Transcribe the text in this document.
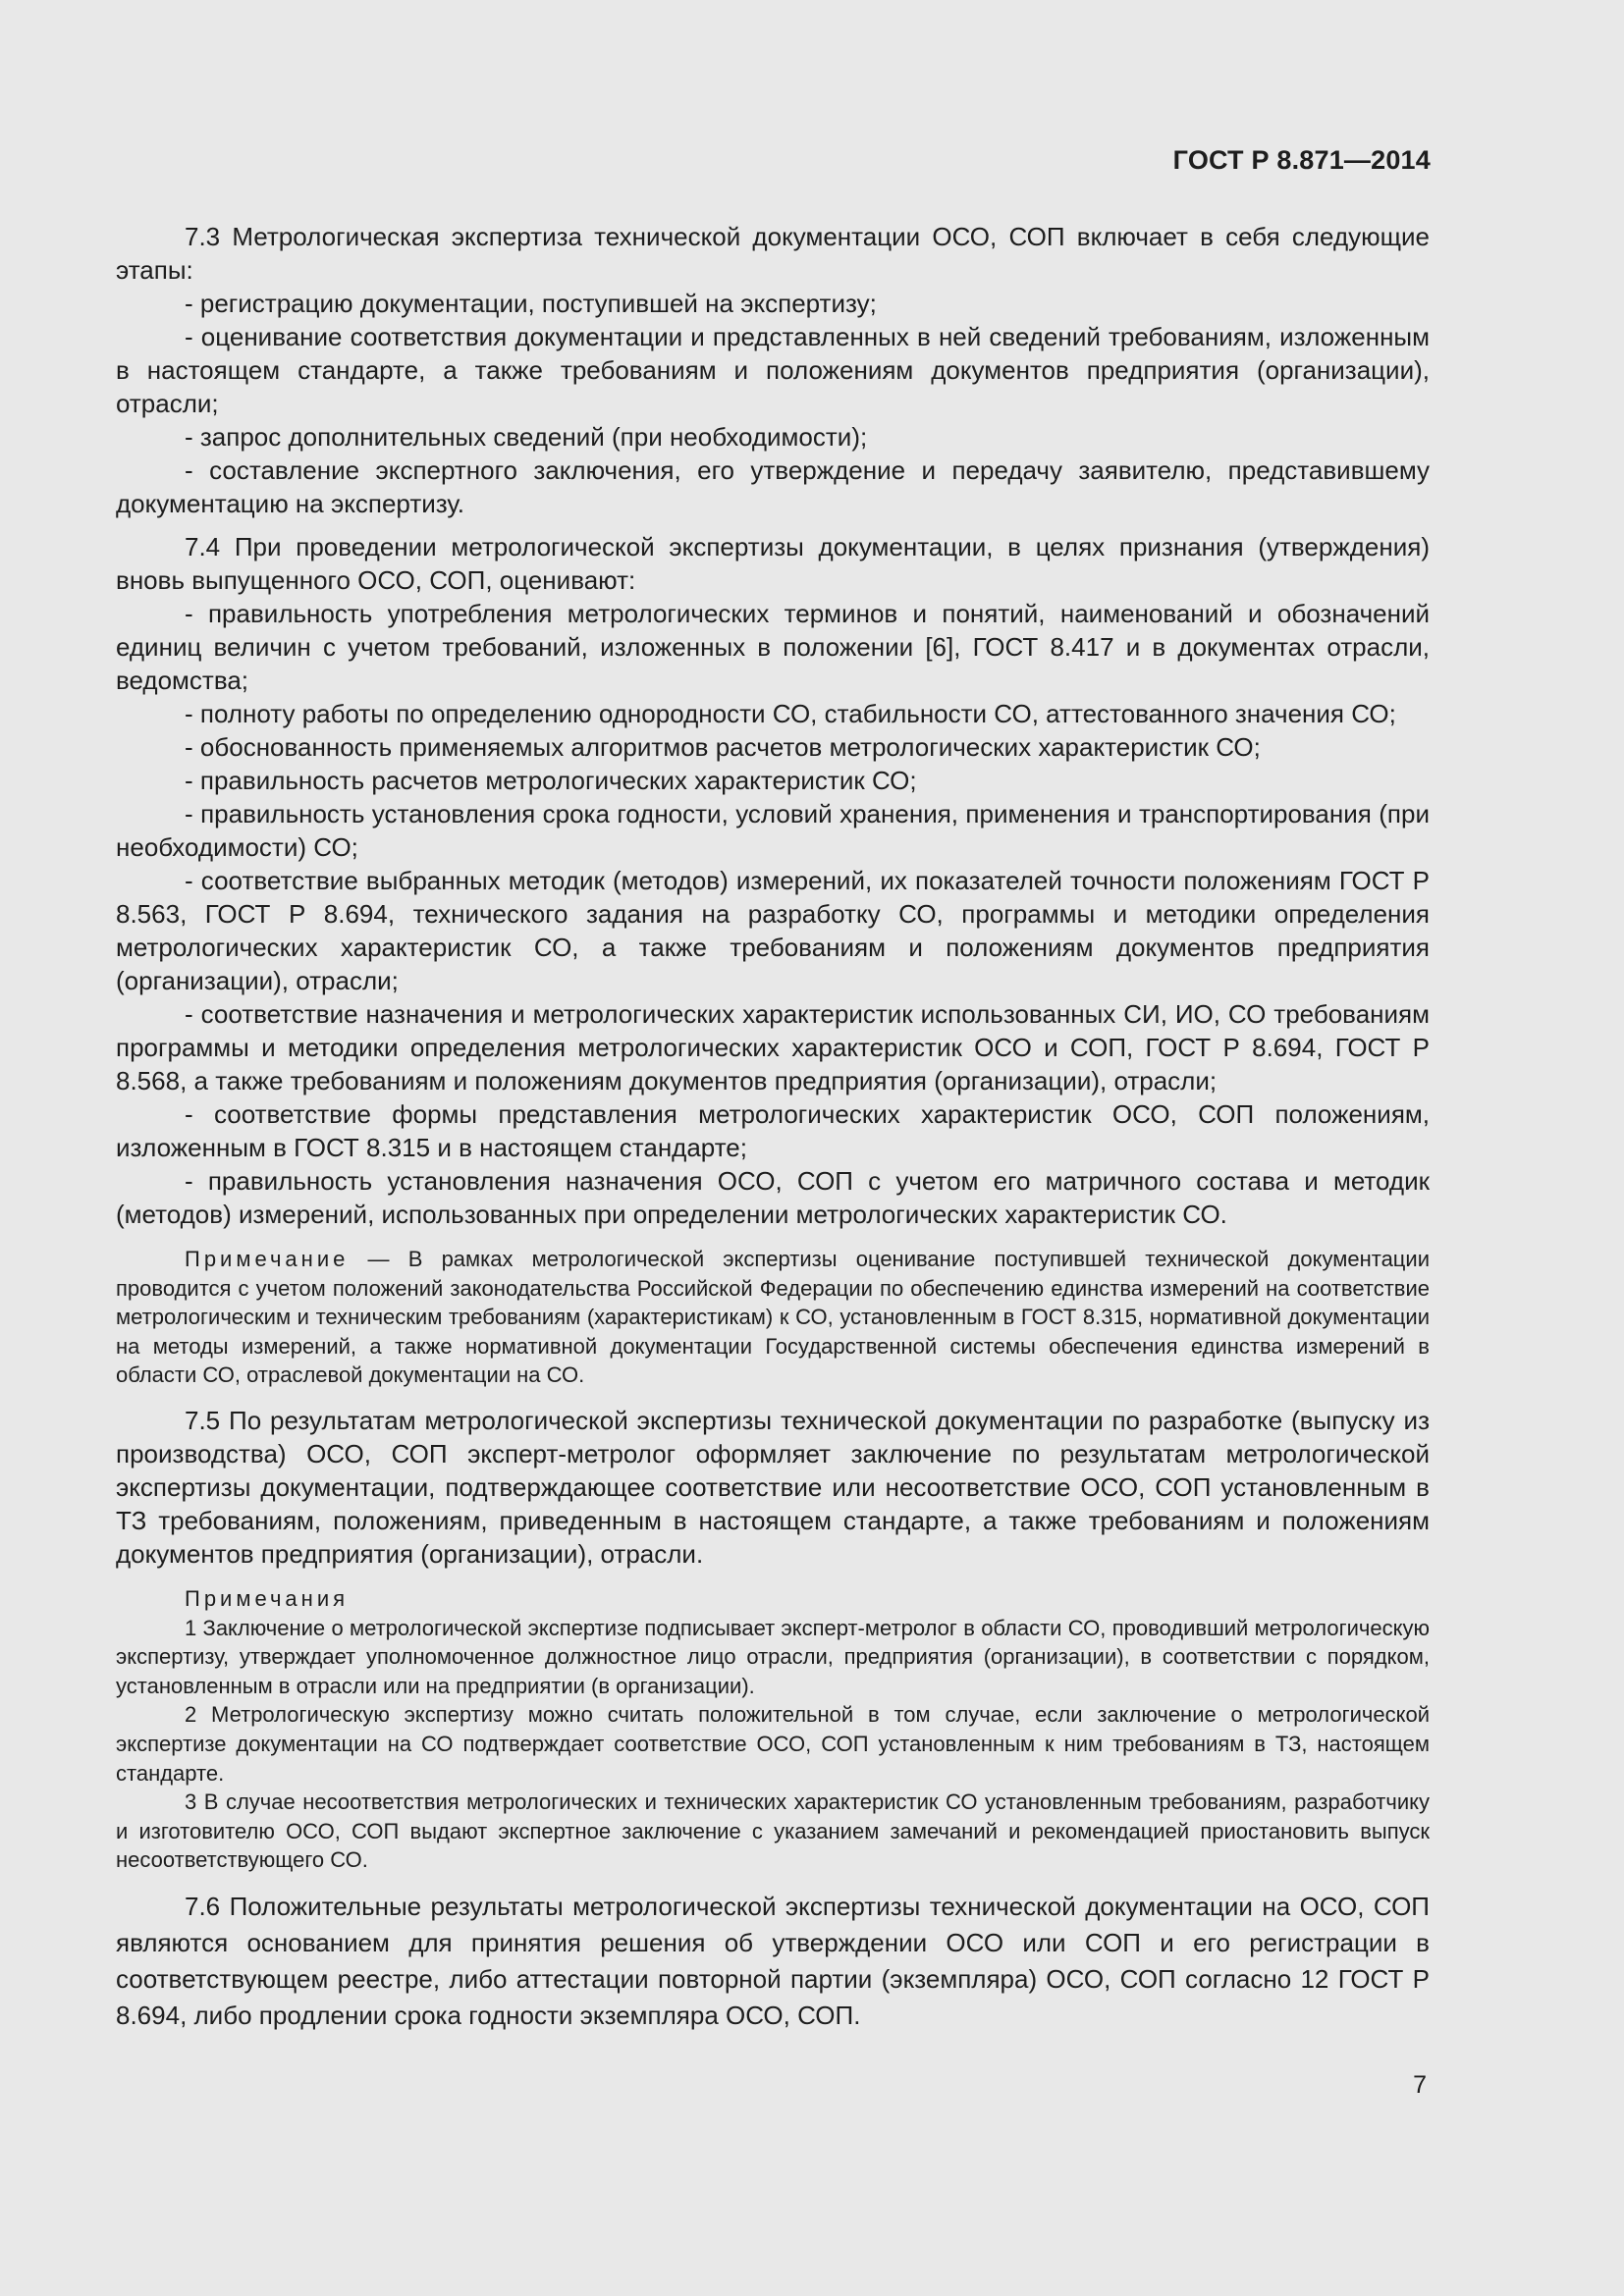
ГОСТ Р 8.871—2014

7.3 Метрологическая экспертиза технической документации ОСО, СОП включает в себя следующие этапы:

- регистрацию документации, поступившей на экспертизу;

- оценивание соответствия документации и представленных в ней сведений требованиям, изложенным в настоящем стандарте, а также требованиям и положениям документов предприятия (организации), отрасли;

- запрос дополнительных сведений (при необходимости);

- составление экспертного заключения, его утверждение и передачу заявителю, представившему документацию на экспертизу.

7.4 При проведении метрологической экспертизы документации, в целях признания (утверждения) вновь выпущенного ОСО, СОП, оценивают:

- правильность употребления метрологических терминов и понятий, наименований и обозначений единиц величин с учетом требований, изложенных в положении [6], ГОСТ 8.417 и в документах отрасли, ведомства;

- полноту работы по определению однородности СО, стабильности СО, аттестованного значения СО;

- обоснованность применяемых алгоритмов расчетов метрологических характеристик СО;

- правильность расчетов метрологических характеристик СО;

- правильность установления срока годности, условий хранения, применения и транспортирования (при необходимости) СО;

- соответствие выбранных методик (методов) измерений, их показателей точности положениям ГОСТ Р 8.563, ГОСТ Р 8.694, технического задания на разработку СО, программы и методики определения метрологических характеристик СО, а также требованиям и положениям документов предприятия (организации), отрасли;

- соответствие назначения и метрологических характеристик использованных СИ, ИО, СО требованиям программы и методики определения метрологических характеристик ОСО и СОП, ГОСТ Р 8.694, ГОСТ Р 8.568, а также требованиям и положениям документов предприятия (организации), отрасли;

- соответствие формы представления метрологических характеристик ОСО, СОП положениям, изложенным в ГОСТ 8.315 и в настоящем стандарте;

- правильность установления назначения ОСО, СОП с учетом его матричного состава и методик (методов) измерений, использованных при определении метрологических характеристик СО.

Примечание — В рамках метрологической экспертизы оценивание поступившей технической документации проводится с учетом положений законодательства Российской Федерации по обеспечению единства измерений на соответствие метрологическим и техническим требованиям (характеристикам) к СО, установленным в ГОСТ 8.315, нормативной документации на методы измерений, а также нормативной документации Государственной системы обеспечения единства измерений в области СО, отраслевой документации на СО.

7.5 По результатам метрологической экспертизы технической документации по разработке (выпуску из производства) ОСО, СОП эксперт-метролог оформляет заключение по результатам метрологической экспертизы документации, подтверждающее соответствие или несоответствие ОСО, СОП установленным в ТЗ требованиям, положениям, приведенным в настоящем стандарте, а также требованиям и положениям документов предприятия (организации), отрасли.

Примечания

1 Заключение о метрологической экспертизе подписывает эксперт-метролог в области СО, проводивший метрологическую экспертизу, утверждает уполномоченное должностное лицо отрасли, предприятия (организации), в соответствии с порядком, установленным в отрасли или на предприятии (в организации).

2 Метрологическую экспертизу можно считать положительной в том случае, если заключение о метрологической экспертизе документации на СО подтверждает соответствие ОСО, СОП установленным к ним требованиям в ТЗ, настоящем стандарте.

3 В случае несоответствия метрологических и технических характеристик СО установленным требованиям, разработчику и изготовителю ОСО, СОП выдают экспертное заключение с указанием замечаний и рекомендацией приостановить выпуск несоответствующего СО.

7.6 Положительные результаты метрологической экспертизы технической документации на ОСО, СОП являются основанием для принятия решения об утверждении ОСО или СОП и его регистрации в соответствующем реестре, либо аттестации повторной партии (экземпляра) ОСО, СОП согласно 12 ГОСТ Р 8.694, либо продлении срока годности экземпляра ОСО, СОП.

7
